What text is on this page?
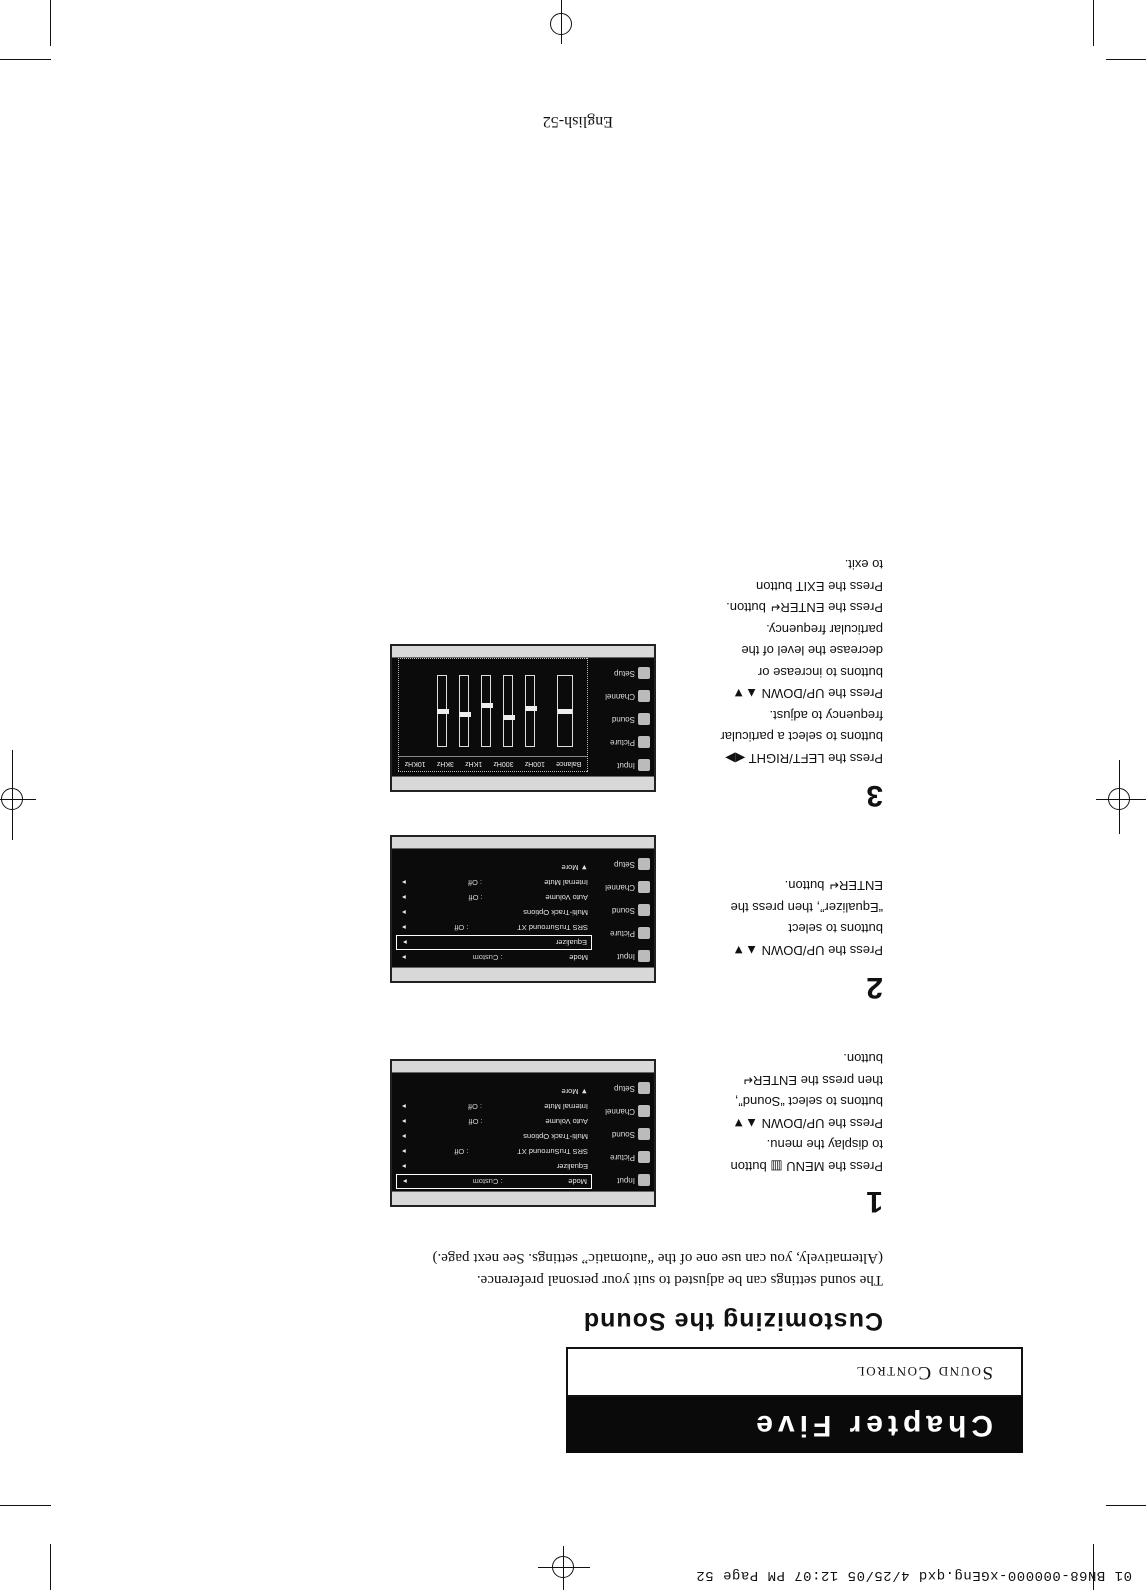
01 BN68-000000-xGEng.qxd 4/25/05 12:07 PM Page 52
Chapter Five
Sound Control
Customizing the Sound
The sound settings can be adjusted to suit your personal preference.
(Alternatively, you can use one of the “automatic” settings. See next page.)
1
Press the MENU ▥ button
to display the menu.
Press the UP/DOWN ▲▼
buttons to select “Sound”,
then press the ENTER↵
button.
Input
Picture
Sound
Channel
Setup
Mode
: Custom
▸
Equalizer
▸
SRS TruSurround XT
: Off
▸
Multi-Track Options
▸
Auto Volume
: Off
▸
Internal Mute
: Off
▸
▼ More
2
Press the UP/DOWN ▲▼
buttons to select
“Equalizer”, then press the
ENTER↵ button.
Input
Picture
Sound
Channel
Setup
Mode
: Custom
▸
Equalizer
▸
SRS TruSurround XT
: Off
▸
Multi-Track Options
▸
Auto Volume
: Off
▸
Internal Mute
: Off
▸
▼ More
3
Press the LEFT/RIGHT ◀▶
buttons to select a particular
frequency to adjust.
Press the UP/DOWN ▲▼
buttons to increase or
decrease the level of the
particular frequency.
Press the ENTER↵ button.
Press the EXIT button
to exit.
Input
Picture
Sound
Channel
Setup
Balance
100Hz
300Hz
1KHz
3KHz
10KHz
English-52
